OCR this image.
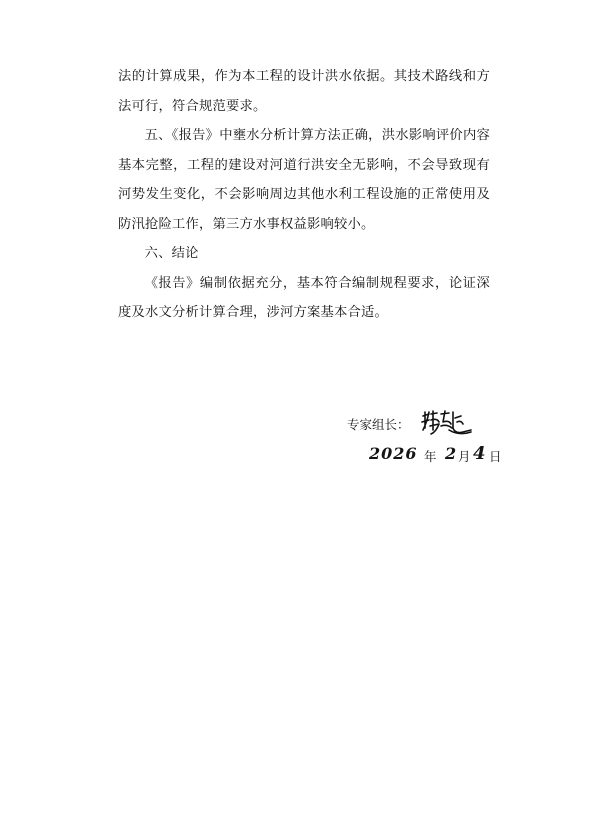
法的计算成果，作为本工程的设计洪水依据。其技术路线和方法可行，符合规范要求。

五、《报告》中壅水分析计算方法正确，洪水影响评价内容基本完整，工程的建设对河道行洪安全无影响，不会导致现有河势发生变化，不会影响周边其他水利工程设施的正常使用及防汛抢险工作，第三方水事权益影响较小。

六、结论

《报告》编制依据充分，基本符合编制规程要求，论证深度及水文分析计算合理，涉河方案基本合适。

专家组长：
2026 年 2 月 4 日
